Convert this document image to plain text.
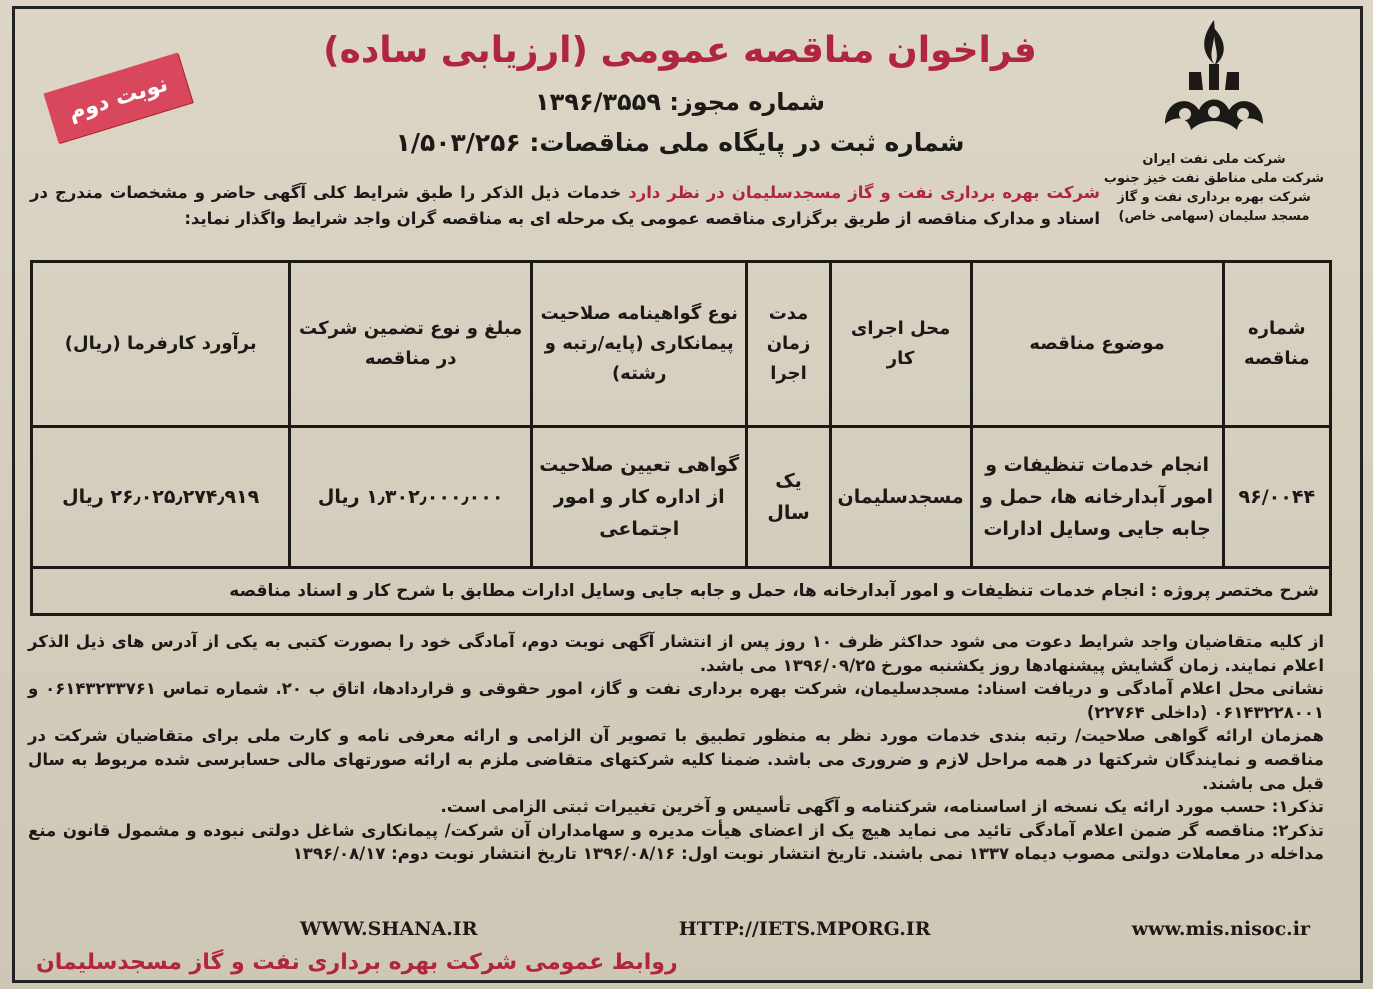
شرکت ملی نفت ایران
شرکت ملی مناطق نفت خیز جنوب
شرکت بهره برداری نفت و گاز
مسجد سلیمان (سهامی خاص)
نوبت دوم
فراخوان مناقصه عمومی (ارزیابی ساده)
شماره مجوز: ۱۳۹۶/۳۵۵۹
شماره ثبت در پایگاه ملی مناقصات: ۱/۵۰۳/۲۵۶
شرکت بهره برداری نفت و گاز مسجدسلیمان در نظر دارد خدمات ذیل الذکر را طبق شرایط کلی آگهی حاضر و مشخصات مندرج در اسناد و مدارک مناقصه از طریق برگزاری مناقصه عمومی یک مرحله ای به مناقصه گران واجد شرایط واگذار نماید:
شماره مناقصه	موضوع مناقصه	محل اجرای کار	مدت زمان اجرا	نوع گواهینامه صلاحیت پیمانکاری (پایه/رتبه و رشته)	مبلغ و نوع تضمین شرکت در مناقصه	برآورد کارفرما (ریال)
۹۶/۰۰۴۴	انجام خدمات تنظیفات و امور آبدارخانه ها، حمل و جابه جایی وسایل ادارات	مسجدسلیمان	یک سال	گواهی تعیین صلاحیت از اداره کار و امور اجتماعی	۱٫۳۰۲٫۰۰۰٫۰۰۰ ریال	۲۶٫۰۲۵٫۲۷۴٫۹۱۹ ریال
شرح مختصر پروژه : انجام خدمات تنظیفات و امور آبدارخانه ها، حمل و جابه جایی وسایل ادارات مطابق با شرح کار و اسناد مناقصه						

از کلیه متقاضیان واجد شرایط دعوت می شود حداکثر ظرف ۱۰ روز پس از انتشار آگهی نوبت دوم، آمادگی خود را بصورت کتبی به یکی از آدرس های ذیل الذکر اعلام نمایند. زمان گشایش پیشنهادها روز یکشنبه مورخ ۱۳۹۶/۰۹/۲۵ می باشد.

نشانی محل اعلام آمادگی و دریافت اسناد: مسجدسلیمان، شرکت بهره برداری نفت و گاز، امور حقوقی و قراردادها، اتاق ب ۲۰. شماره تماس ۰۶۱۴۳۲۳۳۷۶۱ و ۰۶۱۴۳۲۲۸۰۰۱ (داخلی ۲۲۷۶۴)

همزمان ارائه گواهی صلاحیت/ رتبه بندی خدمات مورد نظر به منظور تطبیق با تصویر آن الزامی و ارائه معرفی نامه و کارت ملی برای متقاضیان شرکت در مناقصه و نمایندگان شرکتها در همه مراحل لازم و ضروری می باشد. ضمنا کلیه شرکتهای متقاضی ملزم به ارائه صورتهای مالی حسابرسی شده مربوط به سال قبل می باشند.

تذکر۱: حسب مورد ارائه یک نسخه از اساسنامه، شرکتنامه و آگهی تأسیس و آخرین تغییرات ثبتی الزامی است.

تذکر۲: مناقصه گر ضمن اعلام آمادگی تائید می نماید هیچ یک از اعضای هیأت مدیره و سهامداران آن شرکت/ پیمانکاری شاغل دولتی نبوده و مشمول قانون منع مداخله در معاملات دولتی مصوب دیماه ۱۳۳۷ نمی باشند. تاریخ انتشار نوبت اول: ۱۳۹۶/۰۸/۱۶ تاریخ انتشار نوبت دوم: ۱۳۹۶/۰۸/۱۷

WWW.SHANA.IR	HTTP://IETS.MPORG.IR	www.mis.nisoc.ir
روابط عمومی شرکت بهره برداری نفت و گاز مسجدسلیمان
